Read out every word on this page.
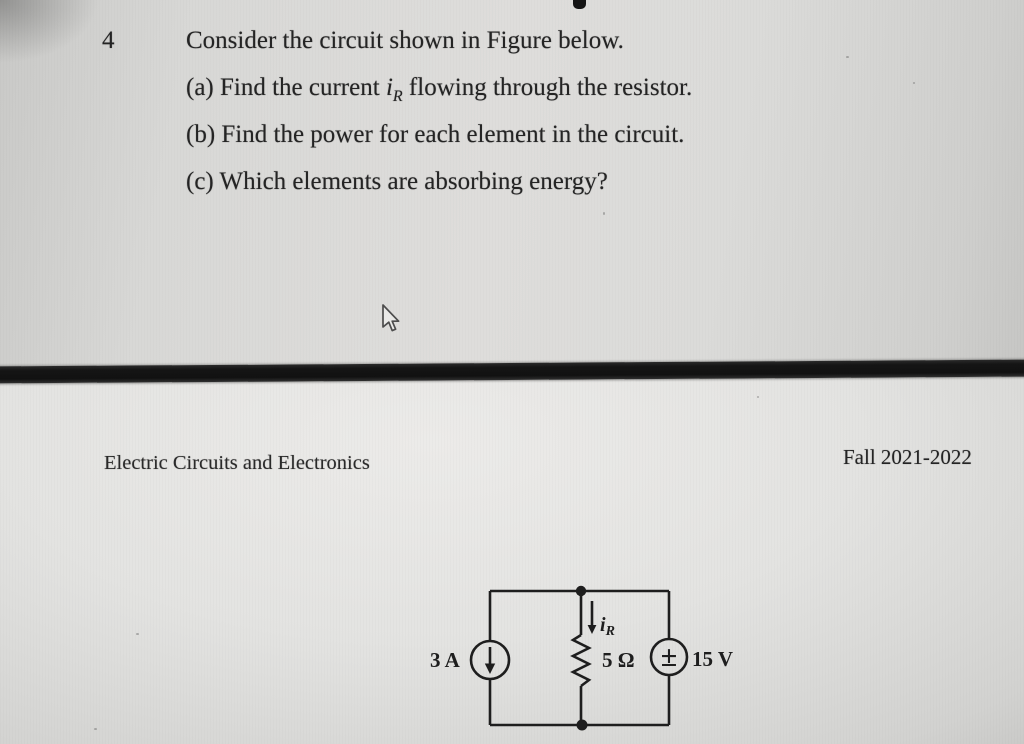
4	Consider the circuit shown in Figure below.
(a) Find the current $i_R$ flowing through the resistor.
(b) Find the power for each element in the circuit.
(c) Which elements are absorbing energy?
Electric Circuits and Electronics	Fall 2021-2022
3 A
$i_R$
5 Ω ± 15 V
